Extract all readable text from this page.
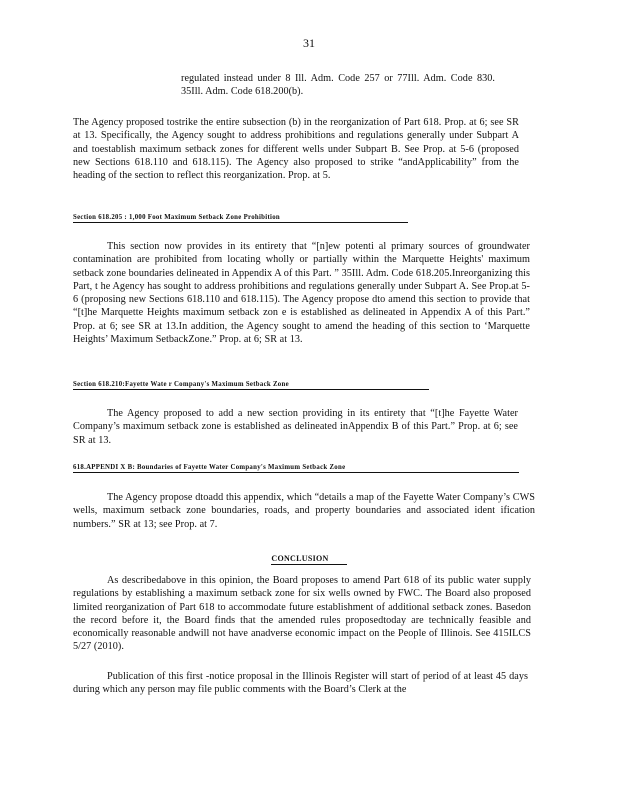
31

regulated instead under 8 Ill. Adm. Code 257 or 77Ill. Adm. Code 830. 35Ill. Adm. Code 618.200(b).

The Agency proposed tostrike the entire subsection (b) in the reorganization of Part 618. Prop. at 6; see SR at 13. Specifically, the Agency sought to address prohibitions and regulations generally under Subpart A and toestablish maximum setback zones for different wells under Subpart B. See Prop. at 5-6 (proposed new Sections 618.110 and 618.115). The Agency also proposed to strike “andApplicability” from the heading of the section to reflect this reorganization. Prop. at 5.

Section 618.205 : 1,000 Foot Maximum Setback Zone Prohibition

This section now provides in its entirety that “[n]ew potenti al primary sources of groundwater contamination are prohibited from locating wholly or partially within the Marquette Heights' maximum setback zone boundaries delineated in Appendix A of this Part. ” 35Ill. Adm. Code 618.205.Inreorganizing this Part, t he Agency has sought to address prohibitions and regulations generally under Subpart A. See Prop.at 5- 6 (proposing new Sections 618.110 and 618.115). The Agency propose dto amend this section to provide that “[t]he Marquette Heights maximum setback zon e is established as delineated in Appendix A of this Part.” Prop. at 6; see SR at 13.In addition, the Agency sought to amend the heading of this section to ‘Marquette Heights’ Maximum SetbackZone.” Prop. at 6; SR at 13.

Section 618.210:Fayette Wate r Company's Maximum Setback Zone

The Agency proposed to add a new section providing in its entirety that “[t]he Fayette Water Company’s maximum setback zone is established as delineated inAppendix B of this Part.” Prop. at 6; see SR at 13.

618.APPENDI X B: Boundaries of Fayette Water Company's Maximum Setback Zone

The Agency propose dtoadd this appendix, which “details a map of the Fayette Water Company’s CWS wells, maximum setback zone boundaries, roads, and property boundaries and associated ident ification numbers.” SR at 13; see Prop. at 7.

CONCLUSION

As describedabove in this opinion, the Board proposes to amend Part 618 of its public water supply regulations by establishing a maximum setback zone for six wells owned by FWC. The Board also proposed limited reorganization of Part 618 to accommodate future establishment of additional setback zones. Basedon the record before it, the Board finds that the amended rules proposedtoday are technically feasible and economically reasonable andwill not have anadverse economic impact on the People of Illinois. See 415ILCS 5/27 (2010).

Publication of this first -notice proposal in the Illinois Register will start of period of at least 45 days during which any person may file public comments with the Board’s Clerk at the
